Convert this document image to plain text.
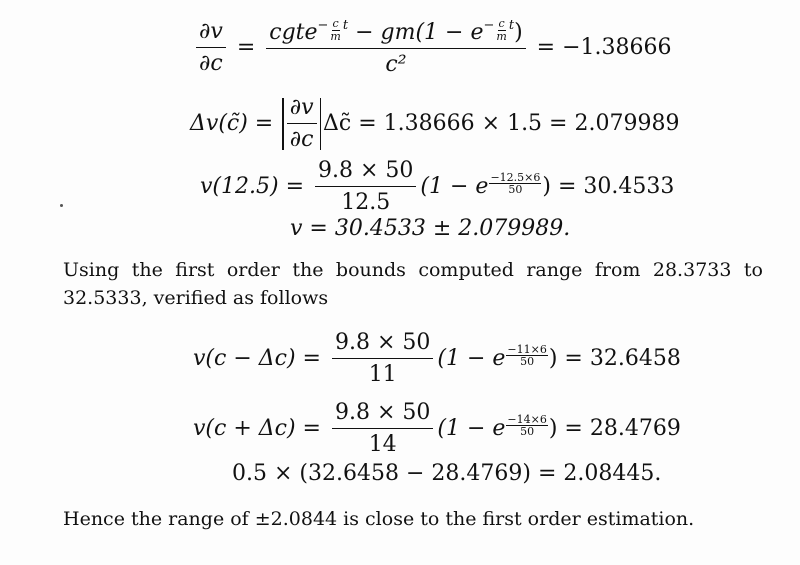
$\frac{\partial v}{\partial c}$ = cgte$^{- \frac{c}{m} t}$ − $gm(1 - e^{- \frac{c}{m} t})$
c² = −1.38666
Δv(c̃) = $\frac{\partial v}{\partial c}$ Δc̃ = 1.38666 × 1.5 = 2.079989
$v(12.5) = \frac{9.8 \times 50}{12.5} (1 - e \frac{-12.5\times 6}{50}$ ) = 30.4533
v = 30.4533 ± 2.079989.
Using the first order the bounds computed range from 28.3733 to 32.5333, verified as follows
$v(c - \Delta c) = \frac{9.8 \times 50}{11} (1 - e \frac{-11\times 6}{50}$ ) = 32.6458
$v(c + \Delta c) = \frac{9.8 \times 50}{14} (1 - e \frac{-14\times 6}{50}$ ) = 28.4769
0.5 × (32.6458 − 28.4769) = 2.08445.
Hence the range of ±2.0844 is close to the first order estimation.
